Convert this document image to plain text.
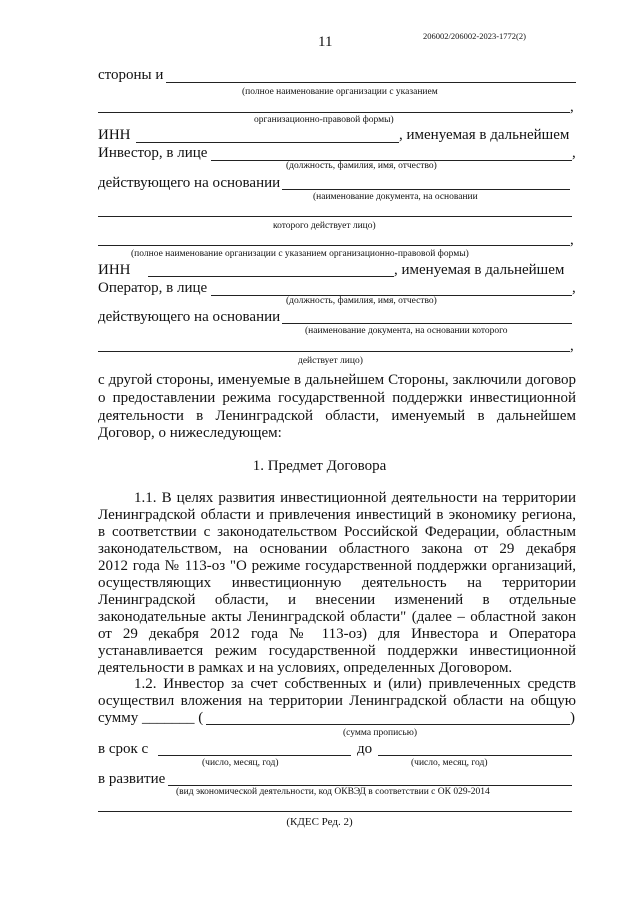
11	206002/206002-2023-1772(2)
стороны и
(полное наименование организации с указанием
,
организационно-правовой формы)
ИНН	, именуемая в дальнейшем
Инвестор, в лице	,
(должность, фамилия, имя, отчество)
действующего на основании
(наименование документа, на основании
которого действует лицо)
,
(полное наименование организации с указанием организационно-правовой формы)
ИНН	, именуемая в дальнейшем
Оператор, в лице	,
(должность, фамилия, имя, отчество)
действующего на основании
(наименование документа, на основании которого
,
действует лицо)
с другой стороны, именуемые в дальнейшем Стороны, заключили договор
о предоставлении режима государственной поддержки инвестиционной
деятельности в Ленинградской области, именуемый в дальнейшем
Договор, о нижеследующем:
1. Предмет Договора
1.1. В целях развития инвестиционной деятельности на территории
Ленинградской области и привлечения инвестиций в экономику региона,
в соответствии с законодательством Российской Федерации, областным
законодательством, на основании областного закона от 29 декабря
2012 года № 113-оз "О режиме государственной поддержки организаций,
осуществляющих инвестиционную деятельность на территории
Ленинградской области, и внесении изменений в отдельные
законодательные акты Ленинградской области" (далее – областной закон
от 29 декабря 2012 года № 113-оз) для Инвестора и Оператора
устанавливается режим государственной поддержки инвестиционной
деятельности в рамках и на условиях, определенных Договором.
1.2. Инвестор за счет собственных и (или) привлеченных средств
осуществил вложения на территории Ленинградской области на общую
сумму _______ (	)
(сумма прописью)
в срок с	до
(число, месяц, год)	(число, месяц, год)
в развитие
(вид экономической деятельности, код ОКВЭД в соответствии с ОК 029-2014
(КДЕС Ред. 2)
